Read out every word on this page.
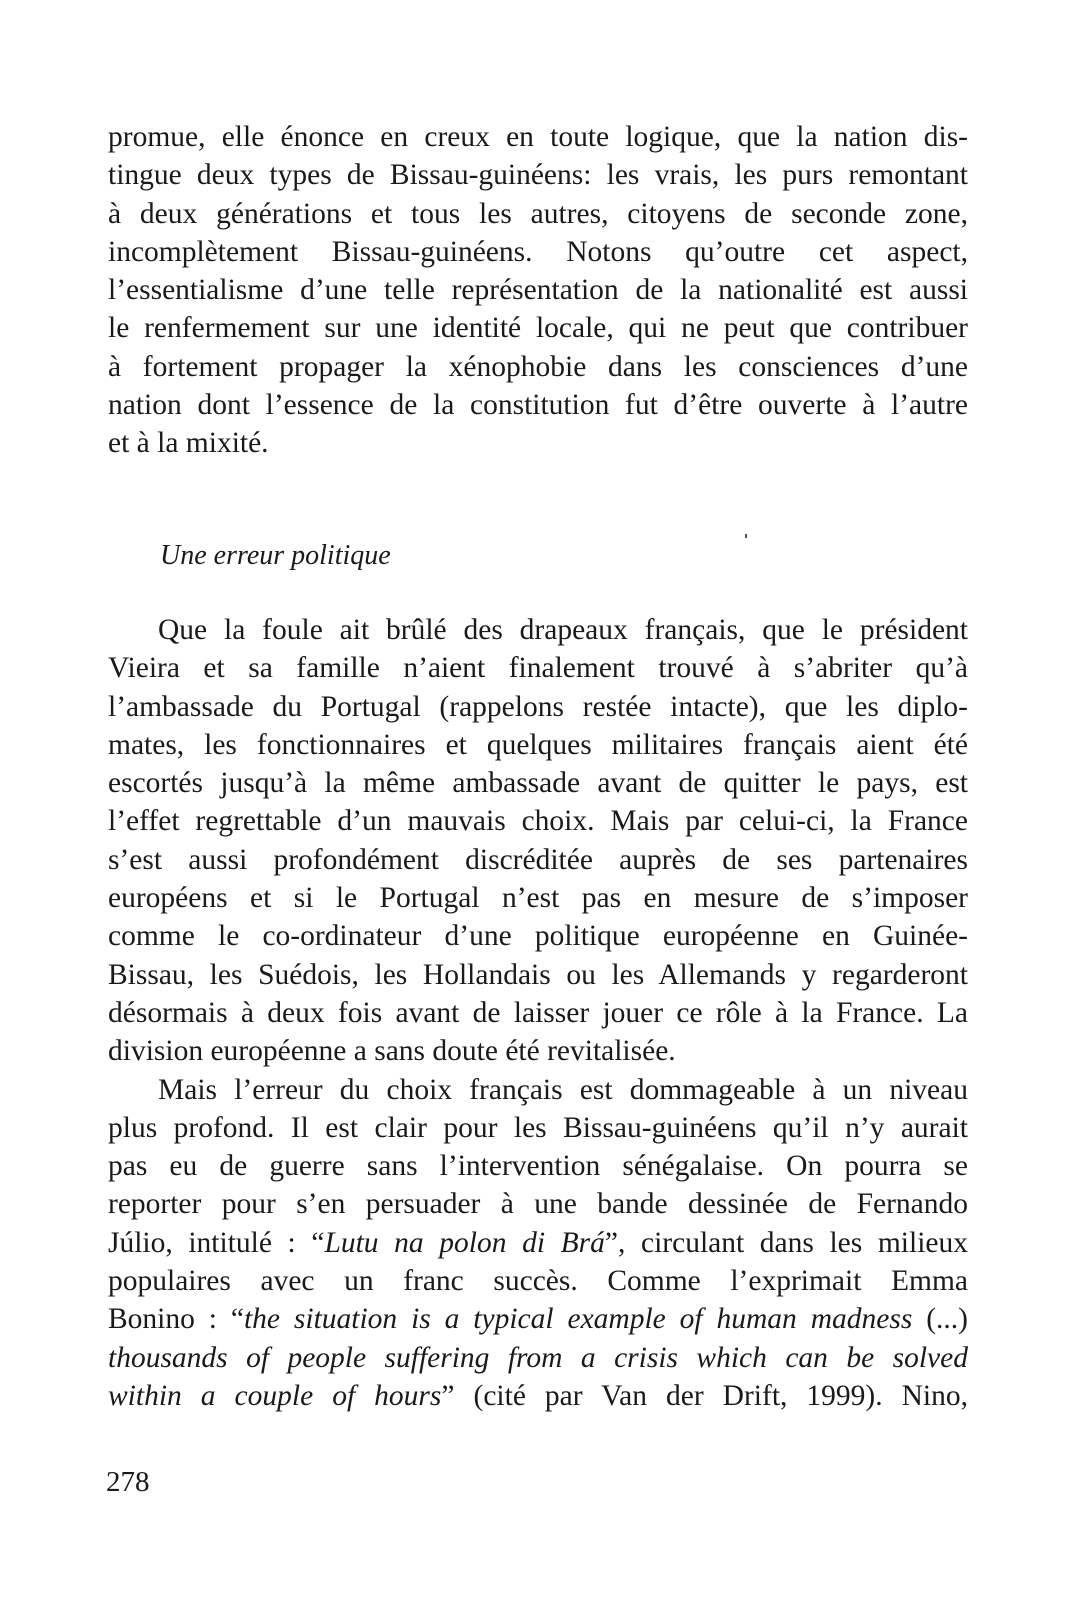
promue, elle énonce en creux en toute logique, que la nation dis-
tingue deux types de Bissau-guinéens: les vrais, les purs remontant
à deux générations et tous les autres, citoyens de seconde zone,
incomplètement Bissau-guinéens. Notons qu’outre cet aspect,
l’essentialisme d’une telle représentation de la nationalité est aussi
le renfermement sur une identité locale, qui ne peut que contribuer
à fortement propager la xénophobie dans les consciences d’une
nation dont l’essence de la constitution fut d’être ouverte à l’autre
et à la mixité.
Une erreur politique
Que la foule ait brûlé des drapeaux français, que le président
Vieira et sa famille n’aient finalement trouvé à s’abriter qu’à
l’ambassade du Portugal (rappelons restée intacte), que les diplo-
mates, les fonctionnaires et quelques militaires français aient été
escortés jusqu’à la même ambassade avant de quitter le pays, est
l’effet regrettable d’un mauvais choix. Mais par celui-ci, la France
s’est aussi profondément discréditée auprès de ses partenaires
européens et si le Portugal n’est pas en mesure de s’imposer
comme le co-ordinateur d’une politique européenne en Guinée-
Bissau, les Suédois, les Hollandais ou les Allemands y regarderont
désormais à deux fois avant de laisser jouer ce rôle à la France. La
division européenne a sans doute été revitalisée.
Mais l’erreur du choix français est dommageable à un niveau
plus profond. Il est clair pour les Bissau-guinéens qu’il n’y aurait
pas eu de guerre sans l’intervention sénégalaise. On pourra se
reporter pour s’en persuader à une bande dessinée de Fernando
Júlio, intitulé : “Lutu na polon di Brá”, circulant dans les milieux
populaires avec un franc succès. Comme l’exprimait Emma
Bonino : “the situation is a typical example of human madness (...)
thousands of people suffering from a crisis which can be solved
within a couple of hours” (cité par Van der Drift, 1999). Nino,
278
